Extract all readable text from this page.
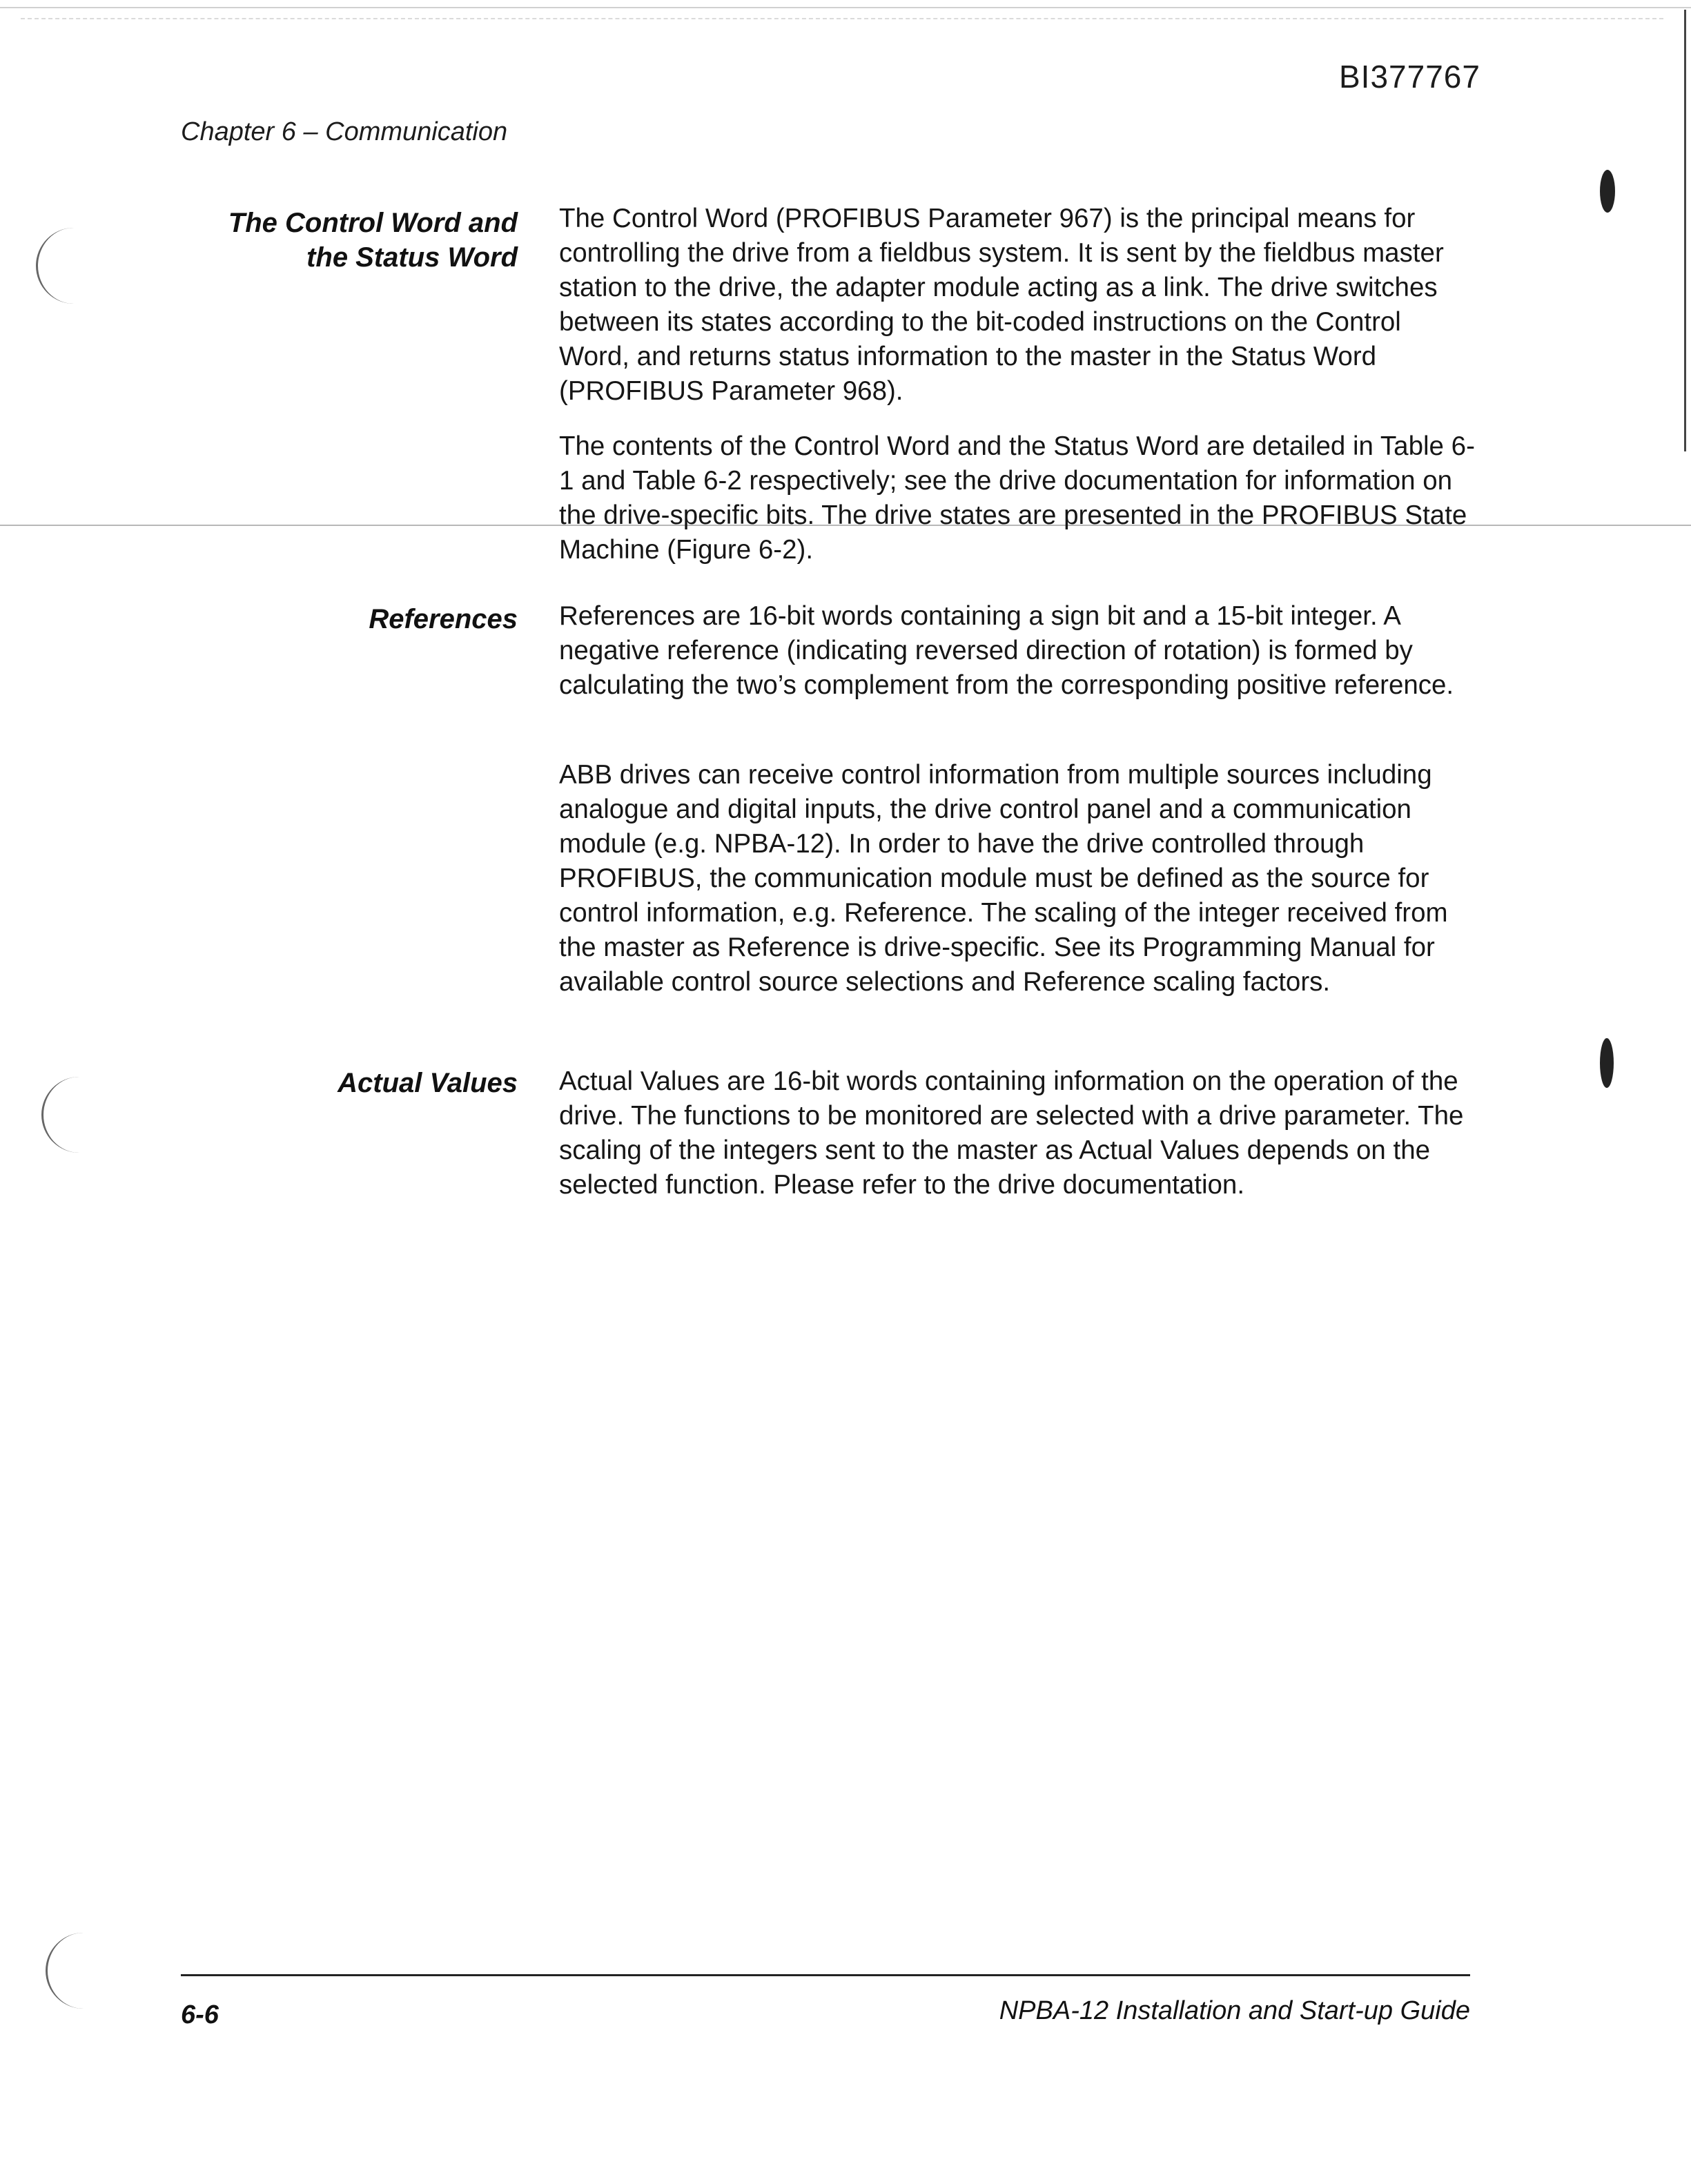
BI377767
Chapter 6 – Communication
The Control Word and
the Status Word

The Control Word (PROFIBUS Parameter 967) is the principal means for controlling the drive from a fieldbus system. It is sent by the fieldbus master station to the drive, the adapter module acting as a link. The drive switches between its states according to the bit-coded instructions on the Control Word, and returns status information to the master in the Status Word (PROFIBUS Parameter 968).

The contents of the Control Word and the Status Word are detailed in Table 6-1 and Table 6-2 respectively; see the drive documentation for information on the drive-specific bits. The drive states are presented in the PROFIBUS State Machine (Figure 6-2).

References References are 16-bit words containing a sign bit and a 15-bit integer. A negative reference (indicating reversed direction of rotation) is formed by calculating the two’s complement from the corresponding positive reference.

ABB drives can receive control information from multiple sources including analogue and digital inputs, the drive control panel and a communication module (e.g. NPBA-12). In order to have the drive controlled through PROFIBUS, the communication module must be defined as the source for control information, e.g. Reference. The scaling of the integer received from the master as Reference is drive-specific. See its Programming Manual for available control source selections and Reference scaling factors.

Actual Values Actual Values are 16-bit words containing information on the operation of the drive. The functions to be monitored are selected with a drive parameter. The scaling of the integers sent to the master as Actual Values depends on the selected function. Please refer to the drive documentation.

6-6	NPBA-12 Installation and Start-up Guide
